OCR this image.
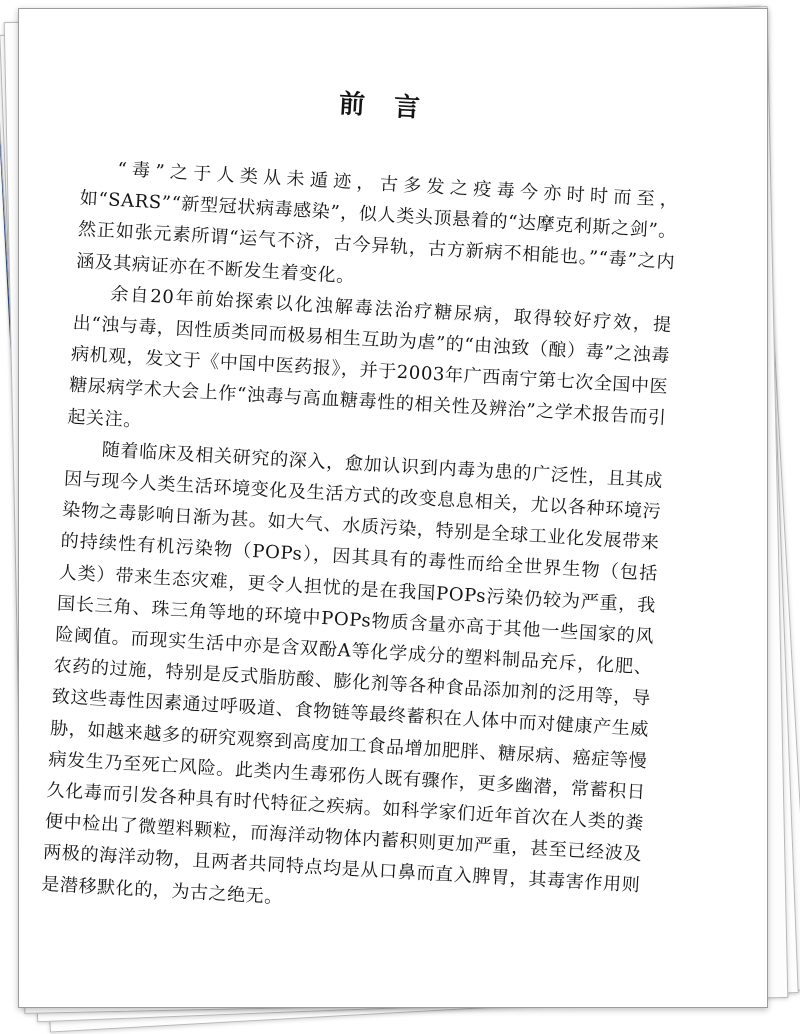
前 言

“毒”之于人类从未遁迹，古多发之疫毒今亦时时而至，如“SARS”“新型冠状病毒感染”，似人类头顶悬着的“达摩克利斯之剑”。然正如张元素所谓“运气不济，古今异轨，古方新病不相能也。”“毒”之内涵及其病证亦在不断发生着变化。

余自20年前始探索以化浊解毒法治疗糖尿病，取得较好疗效，提出“浊与毒，因性质类同而极易相生互助为虐”的“由浊致（酿）毒”之浊毒病机观，发文于《中国中医药报》，并于2003年广西南宁第七次全国中医糖尿病学术大会上作“浊毒与高血糖毒性的相关性及辨治”之学术报告而引起关注。

随着临床及相关研究的深入，愈加认识到内毒为患的广泛性，且其成因与现今人类生活环境变化及生活方式的改变息息相关，尤以各种环境污染物之毒影响日渐为甚。如大气、水质污染，特别是全球工业化发展带来的持续性有机污染物（POPs），因其具有的毒性而给全世界生物（包括人类）带来生态灾难，更令人担忧的是在我国POPs污染仍较为严重，我国长三角、珠三角等地的环境中POPs物质含量亦高于其他一些国家的风险阈值。而现实生活中亦是含双酚A等化学成分的塑料制品充斥，化肥、农药的过施，特别是反式脂肪酸、膨化剂等各种食品添加剂的泛用等，导致这些毒性因素通过呼吸道、食物链等最终蓄积在人体中而对健康产生威胁，如越来越多的研究观察到高度加工食品增加肥胖、糖尿病、癌症等慢病发生乃至死亡风险。此类内生毒邪伤人既有骤作，更多幽潜，常蓄积日久化毒而引发各种具有时代特征之疾病。如科学家们近年首次在人类的粪便中检出了微塑料颗粒，而海洋动物体内蓄积则更加严重，甚至已经波及两极的海洋动物，且两者共同特点均是从口鼻而直入脾胃，其毒害作用则是潜移默化的，为古之绝无。
